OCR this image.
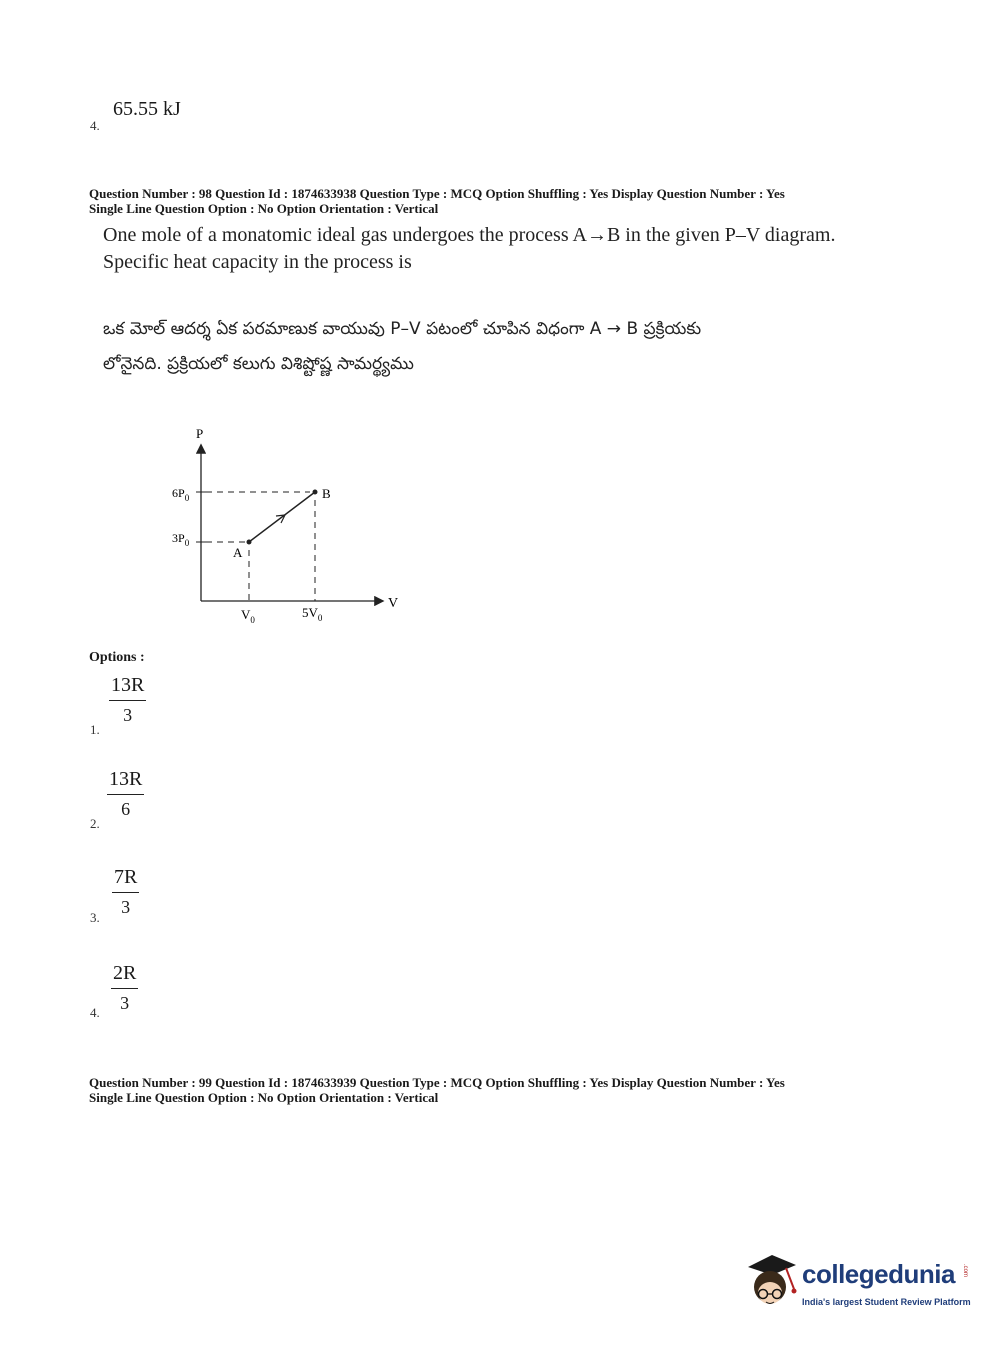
65.55 kJ
4.
Question Number : 98 Question Id : 1874633938 Question Type : MCQ Option Shuffling : Yes Display Question Number : Yes
Single Line Question Option : No Option Orientation : Vertical
One mole of a monatomic ideal gas undergoes the process A→B in the given P–V diagram.
Specific heat capacity in the process is
ఒక మోల్ ఆదర్శ ఏక పరమాణుక వాయువు P–V పటంలో చూపిన విధంగా A → B ప్రక్రియకు
లోనైనది. ప్రక్రియలో కలుగు విశిష్టోష్ణ సామర్థ్యము
P
V
$6P_0$
$3P_0$
A
B
$V_0$	$5V_0$
Options :
$\frac{13R}{3}$
1.
$\frac{13R}{6}$
2.
$\frac{7R}{3}$
3.
$\frac{2R}{3}$
4.
Question Number : 99 Question Id : 1874633939 Question Type : MCQ Option Shuffling : Yes Display Question Number : Yes
Single Line Question Option : No Option Orientation : Vertical
collegedunia .com
India's largest Student Review Platform
